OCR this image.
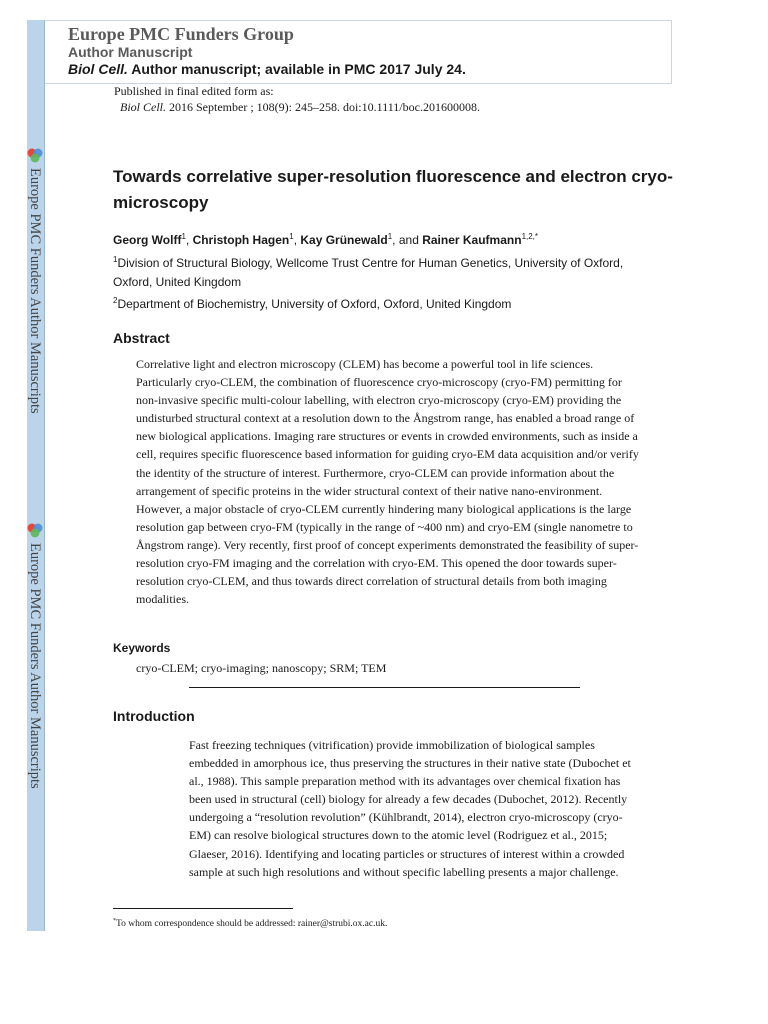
Europe PMC Funders Group
Author Manuscript
Biol Cell. Author manuscript; available in PMC 2017 July 24.
Published in final edited form as:
Biol Cell. 2016 September ; 108(9): 245–258. doi:10.1111/boc.201600008.
Europe PMC Funders Author Manuscripts
Europe PMC Funders Author Manuscripts
Towards correlative super-resolution fluorescence and electron cryo-microscopy
Georg Wolff$^1$, Christoph Hagen$^1$, Kay Grünewald$^1$, and Rainer Kaufmann$^{1,2,*}$
$^1$Division of Structural Biology, Wellcome Trust Centre for Human Genetics, University of Oxford, Oxford, United Kingdom
$^2$Department of Biochemistry, University of Oxford, Oxford, United Kingdom
Abstract

Correlative light and electron microscopy (CLEM) has become a powerful tool in life sciences. Particularly cryo-CLEM, the combination of fluorescence cryo-microscopy (cryo-FM) permitting for non-invasive specific multi-colour labelling, with electron cryo-microscopy (cryo-EM) providing the undisturbed structural context at a resolution down to the Ångstrom range, has enabled a broad range of new biological applications. Imaging rare structures or events in crowded environments, such as inside a cell, requires specific fluorescence based information for guiding cryo-EM data acquisition and/or verify the identity of the structure of interest. Furthermore, cryo-CLEM can provide information about the arrangement of specific proteins in the wider structural context of their native nano-environment. However, a major obstacle of cryo-CLEM currently hindering many biological applications is the large resolution gap between cryo-FM (typically in the range of ~400 nm) and cryo-EM (single nanometre to Ångstrom range). Very recently, first proof of concept experiments demonstrated the feasibility of super-resolution cryo-FM imaging and the correlation with cryo-EM. This opened the door towards super-resolution cryo-CLEM, and thus towards direct correlation of structural details from both imaging modalities.

Keywords
cryo-CLEM; cryo-imaging; nanoscopy; SRM; TEM
Introduction

Fast freezing techniques (vitrification) provide immobilization of biological samples embedded in amorphous ice, thus preserving the structures in their native state (Dubochet et al., 1988). This sample preparation method with its advantages over chemical fixation has been used in structural (cell) biology for already a few decades (Dubochet, 2012). Recently undergoing a “resolution revolution” (Kühlbrandt, 2014), electron cryo-microscopy (cryo-EM) can resolve biological structures down to the atomic level (Rodriguez et al., 2015; Glaeser, 2016). Identifying and locating particles or structures of interest within a crowded sample at such high resolutions and without specific labelling presents a major challenge.

*To whom correspondence should be addressed: rainer@strubi.ox.ac.uk.
